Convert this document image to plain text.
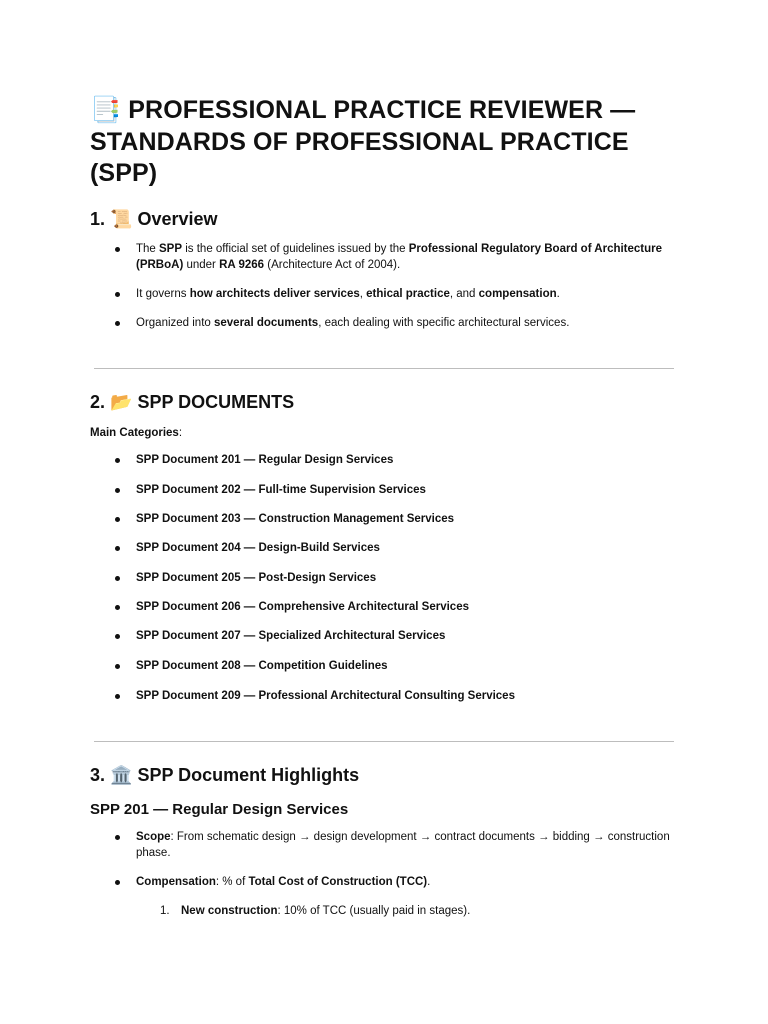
📑 PROFESSIONAL PRACTICE REVIEWER — STANDARDS OF PROFESSIONAL PRACTICE (SPP)
1. 📜 Overview
The SPP is the official set of guidelines issued by the Professional Regulatory Board of Architecture (PRBoA) under RA 9266 (Architecture Act of 2004).
It governs how architects deliver services, ethical practice, and compensation.
Organized into several documents, each dealing with specific architectural services.
2. 📂 SPP DOCUMENTS

Main Categories:

SPP Document 201 — Regular Design Services
SPP Document 202 — Full-time Supervision Services
SPP Document 203 — Construction Management Services
SPP Document 204 — Design-Build Services
SPP Document 205 — Post-Design Services
SPP Document 206 — Comprehensive Architectural Services
SPP Document 207 — Specialized Architectural Services
SPP Document 208 — Competition Guidelines
SPP Document 209 — Professional Architectural Consulting Services
3. 🏛️ SPP Document Highlights
SPP 201 — Regular Design Services
Scope: From schematic design → design development → contract documents → bidding → construction phase.
Compensation: % of Total Cost of Construction (TCC).
1. New construction: 10% of TCC (usually paid in stages).
